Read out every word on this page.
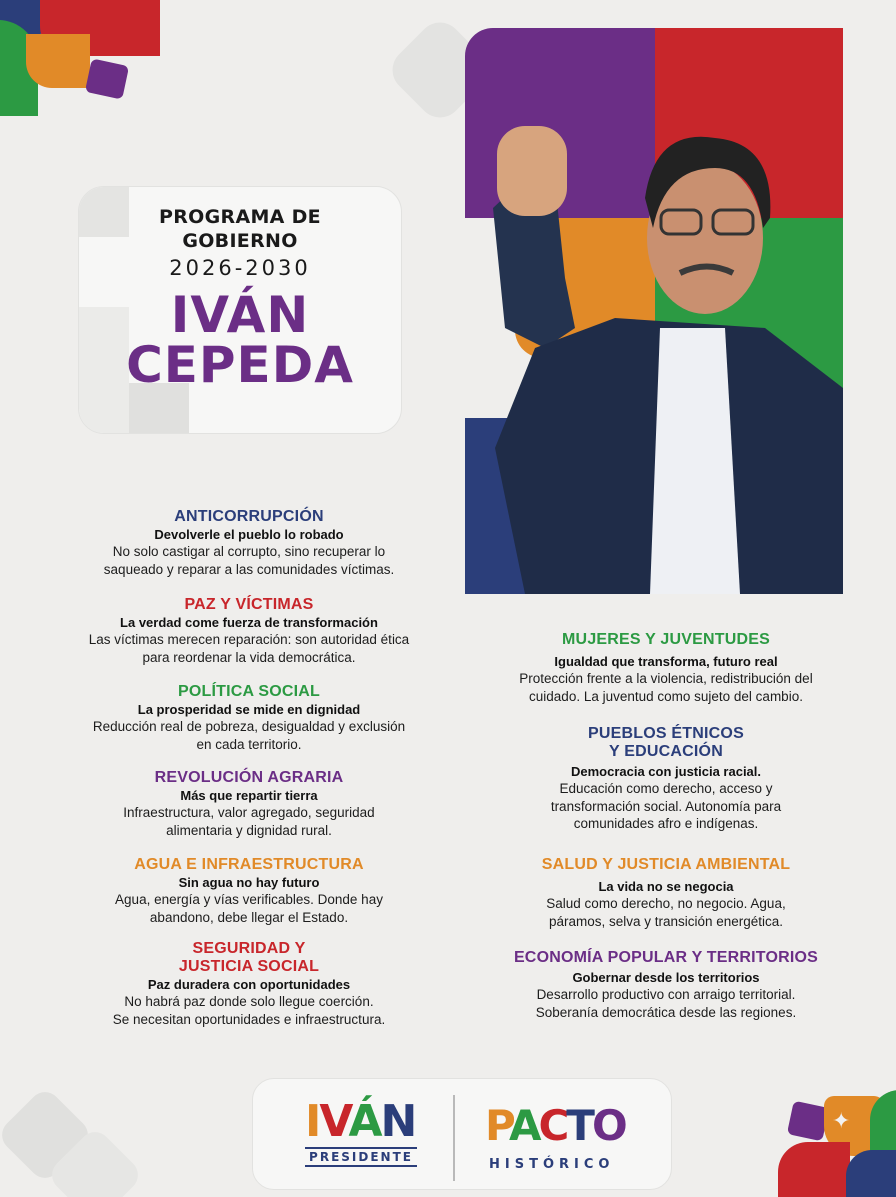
✦
PROGRAMA DE
GOBIERNO
2026-2030
IVÁN
CEPEDA
ANTICORRUPCIÓN
Devolverle el pueblo lo robado
No solo castigar al corrupto, sino recuperar lo
saqueado y reparar a las comunidades víctimas.
PAZ Y VÍCTIMAS
La verdad come fuerza de transformación
Las víctimas merecen reparación: son autoridad ética
para reordenar la vida democrática.
POLÍTICA SOCIAL
La prosperidad se mide en dignidad
Reducción real de pobreza, desigualdad y exclusión
en cada territorio.
REVOLUCIÓN AGRARIA
Más que repartir tierra
Infraestructura, valor agregado, seguridad
alimentaria y dignidad rural.
AGUA E INFRAESTRUCTURA
Sin agua no hay futuro
Agua, energía y vías verificables. Donde hay
abandono, debe llegar el Estado.
SEGURIDAD Y
JUSTICIA SOCIAL
Paz duradera con oportunidades
No habrá paz donde solo llegue coerción.
Se necesitan oportunidades e infraestructura.
MUJERES Y JUVENTUDES
Igualdad que transforma, futuro real
Protección frente a la violencia, redistribución del
cuidado. La juventud como sujeto del cambio.
PUEBLOS ÉTNICOS
Y EDUCACIÓN
Democracia con justicia racial.
Educación como derecho, acceso y
transformación social. Autonomía para
comunidades afro e indígenas.
SALUD Y JUSTICIA AMBIENTAL
La vida no se negocia
Salud como derecho, no negocio. Agua,
páramos, selva y transición energética.
ECONOMÍA POPULAR Y TERRITORIOS
Gobernar desde los territorios
Desarrollo productivo con arraigo territorial.
Soberanía democrática desde las regiones.
IVÁN
PRESIDENTE
PACTO
HISTÓRICO
